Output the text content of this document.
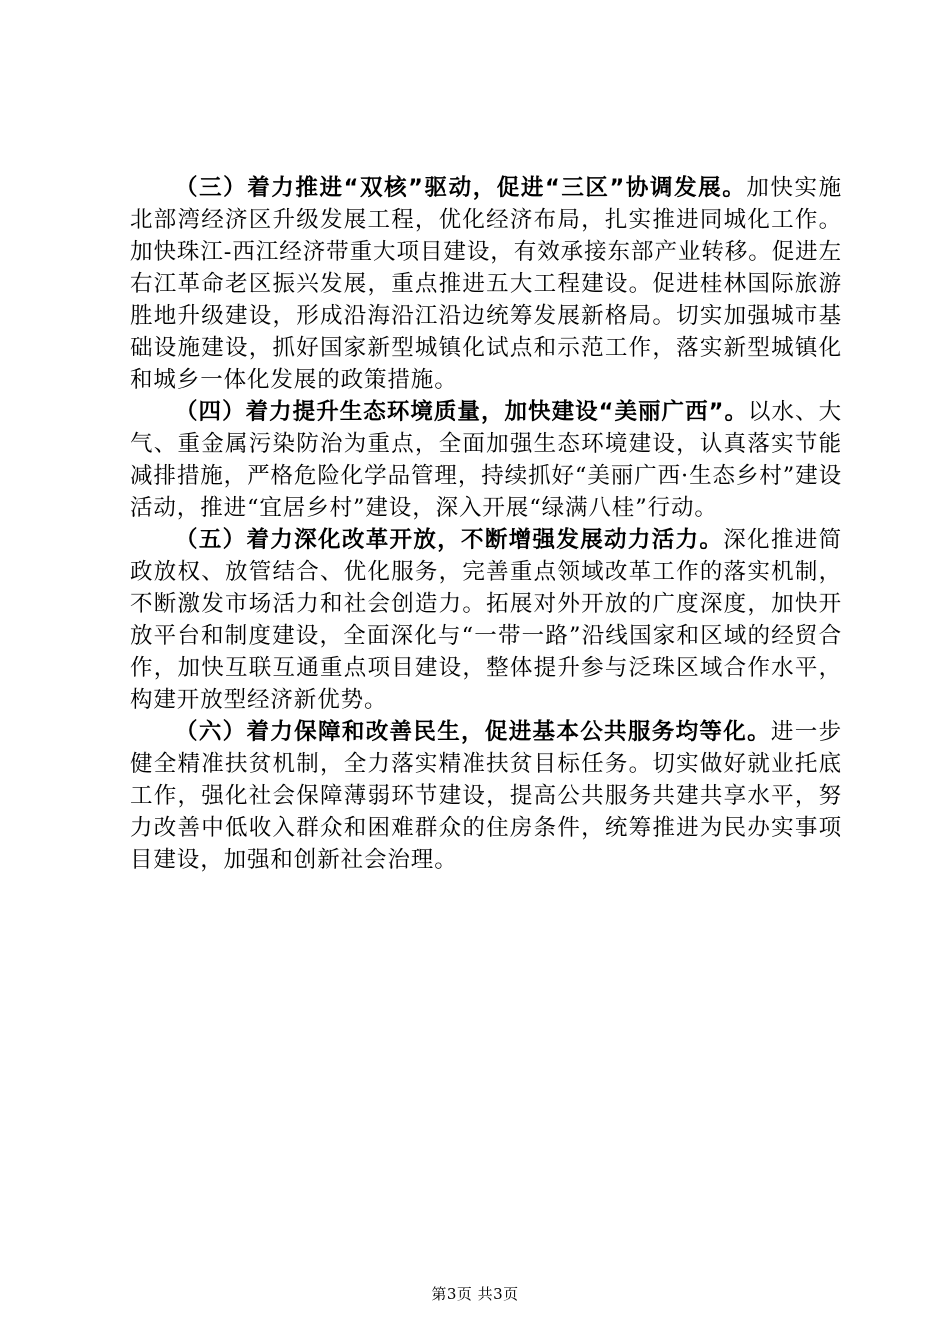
（三）着力推进“双核”驱动，促进“三区”协调发展。加快实施北部湾经济区升级发展工程，优化经济布局，扎实推进同城化工作。加快珠江-西江经济带重大项目建设，有效承接东部产业转移。促进左右江革命老区振兴发展，重点推进五大工程建设。促进桂林国际旅游胜地升级建设，形成沿海沿江沿边统筹发展新格局。切实加强城市基础设施建设，抓好国家新型城镇化试点和示范工作，落实新型城镇化和城乡一体化发展的政策措施。

（四）着力提升生态环境质量，加快建设“美丽广西”。以水、大气、重金属污染防治为重点，全面加强生态环境建设，认真落实节能减排措施，严格危险化学品管理，持续抓好“美丽广西·生态乡村”建设活动，推进“宜居乡村”建设，深入开展“绿满八桂”行动。

（五）着力深化改革开放，不断增强发展动力活力。深化推进简政放权、放管结合、优化服务，完善重点领域改革工作的落实机制，不断激发市场活力和社会创造力。拓展对外开放的广度深度，加快开放平台和制度建设，全面深化与“一带一路”沿线国家和区域的经贸合作，加快互联互通重点项目建设，整体提升参与泛珠区域合作水平，构建开放型经济新优势。

（六）着力保障和改善民生，促进基本公共服务均等化。进一步健全精准扶贫机制，全力落实精准扶贫目标任务。切实做好就业托底工作，强化社会保障薄弱环节建设，提高公共服务共建共享水平，努力改善中低收入群众和困难群众的住房条件，统筹推进为民办实事项目建设，加强和创新社会治理。

第3页 共3页
